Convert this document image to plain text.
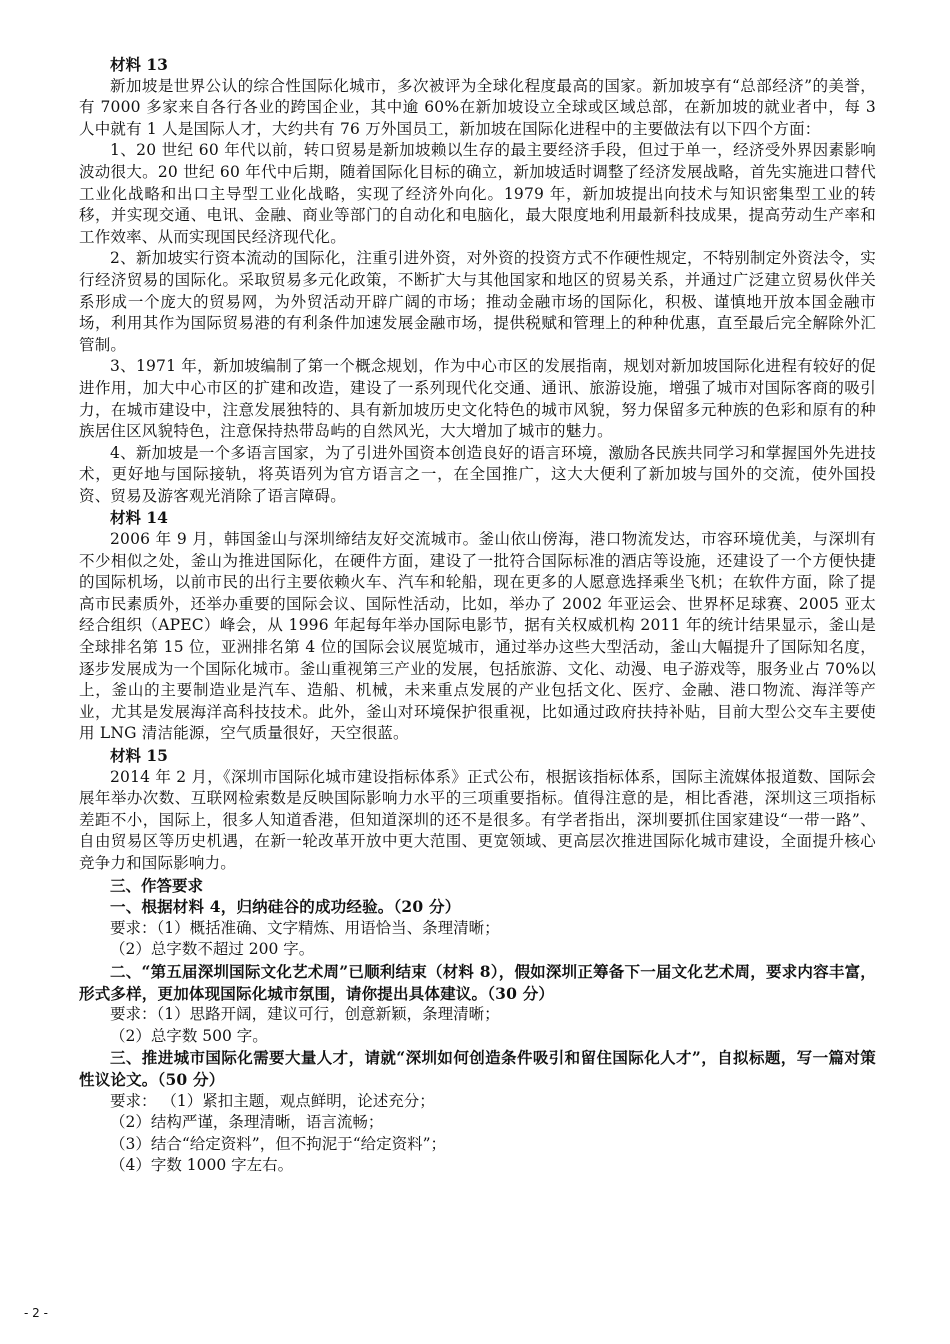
材料 13

新加坡是世界公认的综合性国际化城市，多次被评为全球化程度最高的国家。新加坡享有“总部经济”的美誉，有 7000 多家来自各行各业的跨国企业，其中逾 60%在新加坡设立全球或区域总部，在新加坡的就业者中，每 3 人中就有 1 人是国际人才，大约共有 76 万外国员工，新加坡在国际化进程中的主要做法有以下四个方面：

1、20 世纪 60 年代以前，转口贸易是新加坡赖以生存的最主要经济手段，但过于单一，经济受外界因素影响波动很大。20 世纪 60 年代中后期，随着国际化目标的确立，新加坡适时调整了经济发展战略，首先实施进口替代工业化战略和出口主导型工业化战略，实现了经济外向化。1979 年，新加坡提出向技术与知识密集型工业的转移，并实现交通、电讯、金融、商业等部门的自动化和电脑化，最大限度地利用最新科技成果，提高劳动生产率和工作效率、从而实现国民经济现代化。

2、新加坡实行资本流动的国际化，注重引进外资，对外资的投资方式不作硬性规定，不特别制定外资法令，实行经济贸易的国际化。采取贸易多元化政策，不断扩大与其他国家和地区的贸易关系，并通过广泛建立贸易伙伴关系形成一个庞大的贸易网，为外贸活动开辟广阔的市场；推动金融市场的国际化，积极、谨慎地开放本国金融市场，利用其作为国际贸易港的有利条件加速发展金融市场，提供税赋和管理上的种种优惠，直至最后完全解除外汇管制。

3、1971 年，新加坡编制了第一个概念规划，作为中心市区的发展指南，规划对新加坡国际化进程有较好的促进作用，加大中心市区的扩建和改造，建设了一系列现代化交通、通讯、旅游设施，增强了城市对国际客商的吸引力，在城市建设中，注意发展独特的、具有新加坡历史文化特色的城市风貌，努力保留多元种族的色彩和原有的种族居住区风貌特色，注意保持热带岛屿的自然风光，大大增加了城市的魅力。

4、新加坡是一个多语言国家，为了引进外国资本创造良好的语言环境，激励各民族共同学习和掌握国外先进技术，更好地与国际接轨，将英语列为官方语言之一，在全国推广，这大大便利了新加坡与国外的交流，使外国投资、贸易及游客观光消除了语言障碍。

材料 14

2006 年 9 月，韩国釜山与深圳缔结友好交流城市。釜山依山傍海，港口物流发达，市容环境优美，与深圳有不少相似之处，釜山为推进国际化，在硬件方面，建设了一批符合国际标准的酒店等设施，还建设了一个方便快捷的国际机场，以前市民的出行主要依赖火车、汽车和轮船，现在更多的人愿意选择乘坐飞机；在软件方面，除了提高市民素质外，还举办重要的国际会议、国际性活动，比如，举办了 2002 年亚运会、世界杯足球赛、2005 亚太经合组织（APEC）峰会，从 1996 年起每年举办国际电影节，据有关权威机构 2011 年的统计结果显示，釜山是全球排名第 15 位，亚洲排名第 4 位的国际会议展览城市，通过举办这些大型活动，釜山大幅提升了国际知名度，逐步发展成为一个国际化城市。釜山重视第三产业的发展，包括旅游、文化、动漫、电子游戏等，服务业占 70%以上，釜山的主要制造业是汽车、造船、机械，未来重点发展的产业包括文化、医疗、金融、港口物流、海洋等产业，尤其是发展海洋高科技技术。此外，釜山对环境保护很重视，比如通过政府扶持补贴，目前大型公交车主要使用 LNG 清洁能源，空气质量很好，天空很蓝。

材料 15

2014 年 2 月，《深圳市国际化城市建设指标体系》正式公布，根据该指标体系，国际主流媒体报道数、国际会展年举办次数、互联网检索数是反映国际影响力水平的三项重要指标。值得注意的是，相比香港，深圳这三项指标差距不小，国际上，很多人知道香港，但知道深圳的还不是很多。有学者指出，深圳要抓住国家建设“一带一路”、自由贸易区等历史机遇，在新一轮改革开放中更大范围、更宽领域、更高层次推进国际化城市建设，全面提升核心竞争力和国际影响力。

三、作答要求

一、根据材料 4，归纳硅谷的成功经验。（20 分）

要求：（1）概括准确、文字精炼、用语恰当、条理清晰；

（2）总字数不超过 200 字。

二、“第五届深圳国际文化艺术周”已顺利结束（材料 8），假如深圳正筹备下一届文化艺术周，要求内容丰富，形式多样，更加体现国际化城市氛围，请你提出具体建议。（30 分）

要求：（1）思路开阔，建议可行，创意新颖，条理清晰；

（2）总字数 500 字。

三、推进城市国际化需要大量人才，请就“深圳如何创造条件吸引和留住国际化人才”，自拟标题，写一篇对策性议论文。（50 分）

要求： （1）紧扣主题，观点鲜明，论述充分；

（2）结构严谨，条理清晰，语言流畅；

（3）结合“给定资料”，但不拘泥于“给定资料”；

（4）字数 1000 字左右。

- 2 -
